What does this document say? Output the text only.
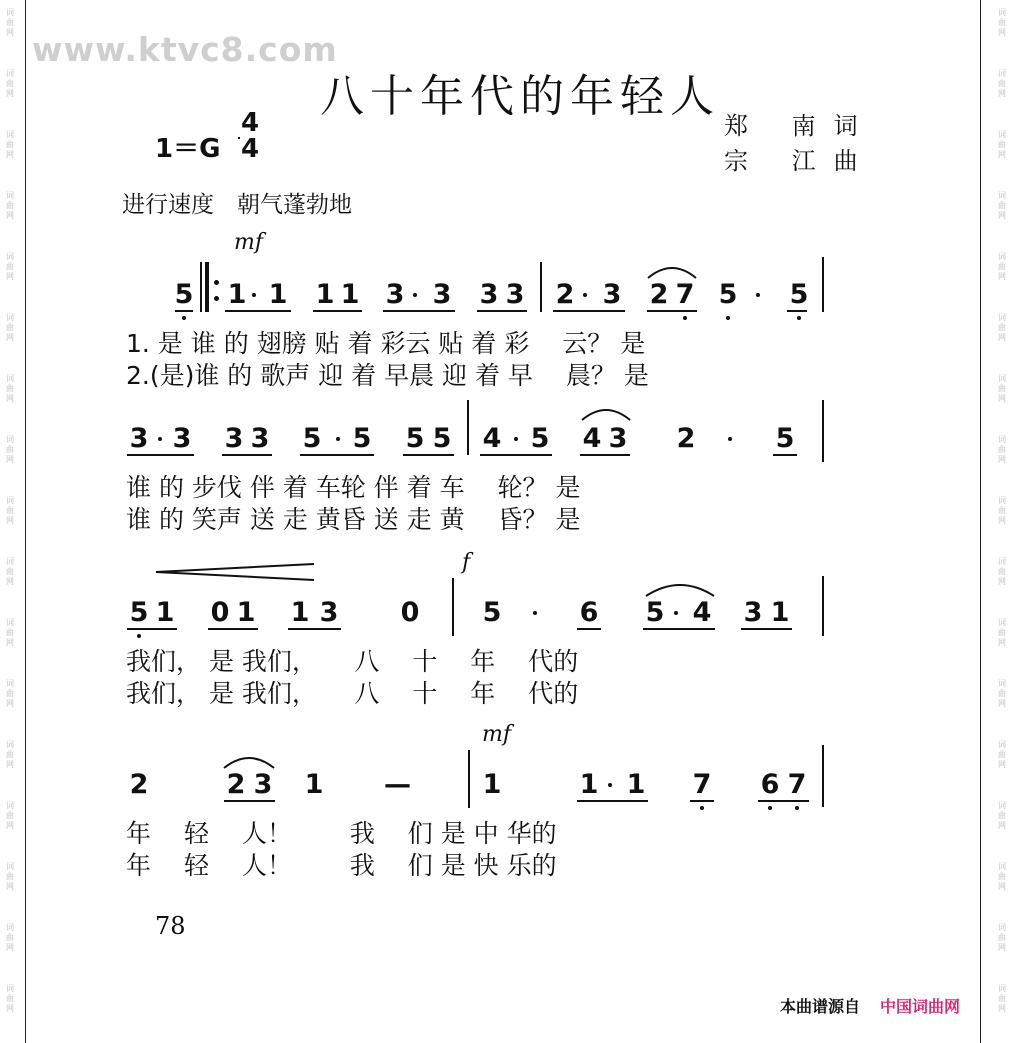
词
曲
网
词
曲
网
词
曲
网
词
曲
网
词
曲
网
词
曲
网
词
曲
网
词
曲
网
词
曲
网
词
曲
网
词
曲
网
词
曲
网
词
曲
网
词
曲
网
词
曲
网
词
曲
网
词
曲
网
词
曲
网
词
曲
网
词
曲
网
词
曲
网
词
曲
网
词
曲
网
词
曲
网
词
曲
网
词
曲
网
词
曲
网
词
曲
网
词
曲
网
词
曲
网
词
曲
网
词
曲
网
词
曲
网
词
曲
网
www.ktvc8.com
八十年代的年轻人
1＝G
4
4
郑 南词
宗 江曲
进行速度　朝气蓬勃地
mf
f
mf
5 1 1 1 1 3 3 3 3 2 3 2 7 5 5
1. 是 谁 的 翅膀 贴 着 彩云 贴 着 彩　 云？ 是
2.(是)谁 的 歌声 迎 着 早晨 迎 着 早　 晨？ 是
3 3 3 3 5 5 5 5 4 5 4 3 2	5
谁 的 步伐 伴 着 车轮 伴 着 车　 轮？ 是
谁 的 笑声 送 走 黄昏 送 走 黄　 昏？ 是
5 1 0 1 1 3 0 5	6 5 4 3 1
我们， 是 我们，　　八　 十　 年　 代的
我们， 是 我们，　　八　 十　 年　 代的
2	2 3 1 —	1	1 1 7 6 7
年　 轻　 人！　　 我　 们 是 中 华的
年　 轻　 人！　　 我　 们 是 快 乐的
78
本曲谱源自 中国词曲网
